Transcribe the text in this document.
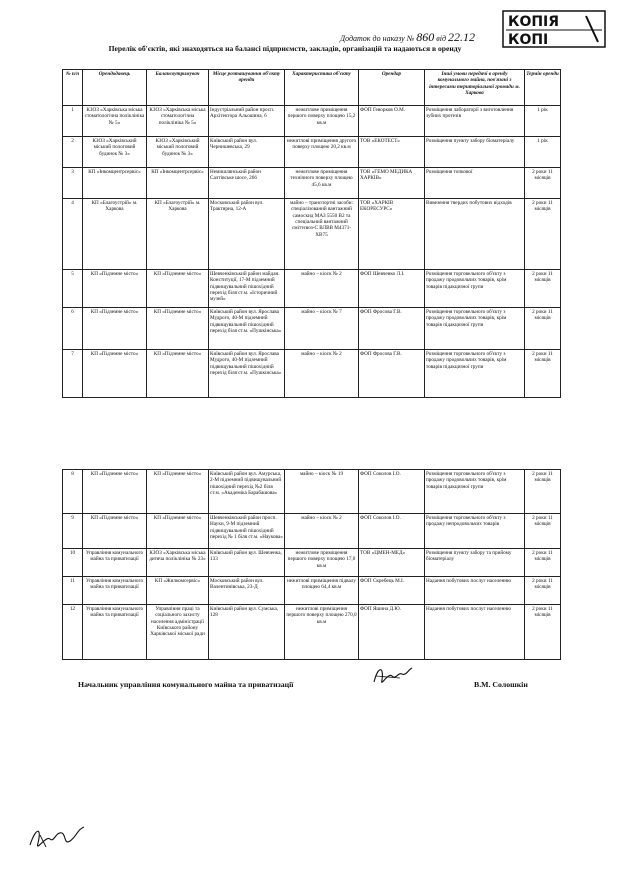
Додаток до наказу № 860 від 22.12
КОПІЯ
КОПІ
Перелік об'єктів, які знаходяться на балансі підприємств, закладів, організацій та надаються в оренду
№ п/п	Орендодавець	Балансоутримувач	Місце розташування об'єкту оренди	Характеристика об'єкту	Орендар	Інші умови передачі в оренду комунального майна, пов'язані з інтересами територіальної громади м. Харкова	Термін оренди
1	КЗОЗ «Харківська міська стоматологічна поліклініка № 5»	КЗОЗ «Харківська міська стоматологічна поліклініка № 5»	Індустріальний район просп. Архітектора Альошина, 6	нежитлове приміщення першого поверху площею 15,2 кв.м	ФОП Геворков О.М.	Розміщення лабораторії з виготовлення зубних протезів	1 рік
2	КЗОЗ «Харківський міський пологовий будинок № 3»	КЗОЗ «Харківський міський пологовий будинок № 3»	Київський район вул. Чернишевська, 29	нежитлові приміщення другого поверху площею 20,2 кв.м	ТОВ «ЕКОТЕСТ»	Розміщення пункту забору біоматеріалу	1 рік
3	КП «Інкомцентрсервіс»	КП «Інкомцентрсервіс»	Немишлянський район Салтівське шосе, 266	нежитлове приміщення технічного поверху площею 45,6 кв.м	ТОВ «ГЕМО МЕДИКА ХАРКІВ»	Розміщення топкової	2 роки 11 місяців
4	КП «Благоустрій» м. Харкова	КП «Благоустрій» м. Харкова	Московський район вул. Трактирна, 12-А	майно – транспортні засоби: спеціалізований вантажний самоскид МАЗ 5550 В2 та спеціальний вантажний сміттєвоз-С ВЛВВ М4371-ХВ75	ТОВ «ХАРКІВ ЕКОРЕСУРС»	Вивезення твердих побутових відходів	2 роки 11 місяців
5	КП «Підземне місто»	КП «Підземне місто»	Шевченківський район майдан. Конституції, 17-М підземний підвищувальний пішохідний перехід біля ст.м. «Історичний музей»	майно – кіоск № 2	ФОП Шевченко Л.І.	Розміщення торговельного об'єкту з продажу продовольчих товарів, крім товарів підакцизної групи	2 роки 11 місяців
6	КП «Підземне місто»	КП «Підземне місто»	Київський район вул. Ярослава Мудрого, 40-М підземний підвищувальний пішохідний перехід біля ст.м. «Пушкінська»	майно – кіоск № 7	ФОП Фросова Г.В.	Розміщення торговельного об'єкту з продажу продовольчих товарів, крім товарів підакцизної групи	2 роки 11 місяців
7	КП «Підземне місто»	КП «Підземне місто»	Київський район вул. Ярослава Мудрого, 40-М підземний підвищувальний пішохідний перехід біля ст.м. «Пушкінська»	майно – кіоск № 2	ФОП Фросова Г.В.	Розміщення торговельного об'єкту з продажу продовольчих товарів, крім товарів підакцизної групи	2 роки 11 місяців
8	КП «Підземне місто»	КП «Підземне місто»	Київський район вул. Амурська, 2-М підземний підвищувальний пішохідний перехід №2 біля ст.м. «Академіка Барабашова»	майно – кіоск № 19	ФОП Соколов І.О.	Розміщення торговельного об'єкту з продажу продовольчих товарів, крім товарів підакцизної групи	2 роки 11 місяців
9	КП «Підземне місто»	КП «Підземне місто»	Шевченківський район просп. Науки, 9-М підземний підвищувальний пішохідний перехід № 1 біля ст.м. «Наукова»	майно – кіоск № 2	ФОП Соколов І.О.	Розміщення торговельного об'єкту з продажу непродовольчих товарів	2 роки 11 місяців
10	Управління комунального майна та приватизації	КЗОЗ «Харківська міська дитяча поліклініка № 23»	Київський район вул. Шевченка, 133	нежитлове приміщення першого поверху площею 17,0 кв.м	ТОВ «ЦМЕН-МЕД»	Розміщення пункту забору та прийому біоматеріалу	2 роки 11 місяців
11	Управління комунального майна та приватизації	КП «Жилкомсервіс»	Московський район вул. Валентинівська, 23-Д	нежитлові приміщення підвалу площею 64,4 кв.м	ФОП Скребець М.І.	Надання побутових послуг населенню	2 роки 11 місяців
12	Управління комунального майна та приватизації	Управління праці та соціального захисту населення адміністрації Київського району Харківської міської ради	Київський район вул. Сумська, 128	нежитлові приміщення першого поверху площею 270,0 кв.м	ФОП Яшина Д.Ю.	Надання побутових послуг населенню	2 роки 11 місяців
Начальник управління комунального майна та приватизації	В.М. Солошкін
